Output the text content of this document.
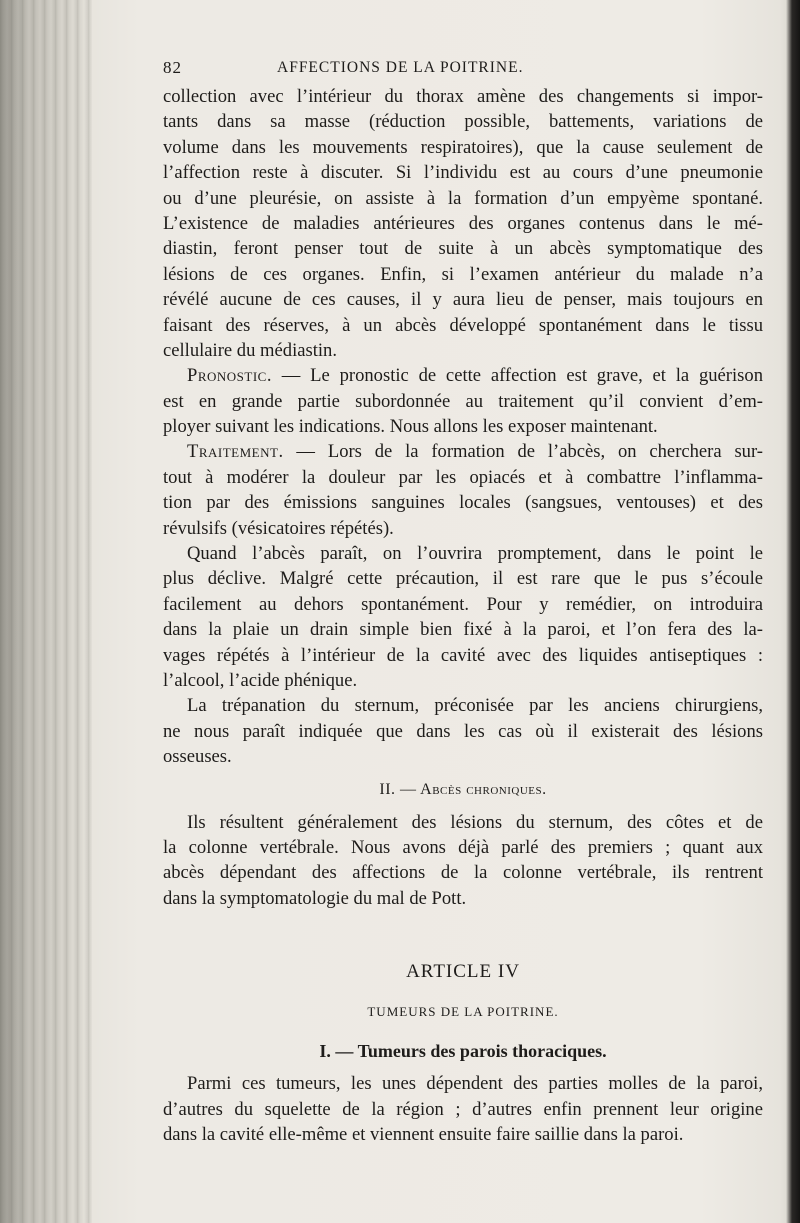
82	AFFECTIONS DE LA POITRINE.
collection avec l’intérieur du thorax amène des changements si impor-
tants dans sa masse (réduction possible, battements, variations de
volume dans les mouvements respiratoires), que la cause seulement de
l’affection reste à discuter. Si l’individu est au cours d’une pneumonie
ou d’une pleurésie, on assiste à la formation d’un empyème spontané.
L’existence de maladies antérieures des organes contenus dans le mé-
diastin, feront penser tout de suite à un abcès symptomatique des
lésions de ces organes. Enfin, si l’examen antérieur du malade n’a
révélé aucune de ces causes, il y aura lieu de penser, mais toujours en
faisant des réserves, à un abcès développé spontanément dans le tissu
cellulaire du médiastin.
Pronostic. — Le pronostic de cette affection est grave, et la guérison
est en grande partie subordonnée au traitement qu’il convient d’em-
ployer suivant les indications. Nous allons les exposer maintenant.
Traitement. — Lors de la formation de l’abcès, on cherchera sur-
tout à modérer la douleur par les opiacés et à combattre l’inflamma-
tion par des émissions sanguines locales (sangsues, ventouses) et des
révulsifs (vésicatoires répétés).
Quand l’abcès paraît, on l’ouvrira promptement, dans le point le
plus déclive. Malgré cette précaution, il est rare que le pus s’écoule
facilement au dehors spontanément. Pour y remédier, on introduira
dans la plaie un drain simple bien fixé à la paroi, et l’on fera des la-
vages répétés à l’intérieur de la cavité avec des liquides antiseptiques :
l’alcool, l’acide phénique.
La trépanation du sternum, préconisée par les anciens chirurgiens,
ne nous paraît indiquée que dans les cas où il existerait des lésions
osseuses.
II. — Abcès chroniques.
Ils résultent généralement des lésions du sternum, des côtes et de
la colonne vertébrale. Nous avons déjà parlé des premiers ; quant aux
abcès dépendant des affections de la colonne vertébrale, ils rentrent
dans la symptomatologie du mal de Pott.
ARTICLE IV
TUMEURS DE LA POITRINE.
I. — Tumeurs des parois thoraciques.
Parmi ces tumeurs, les unes dépendent des parties molles de la paroi,
d’autres du squelette de la région ; d’autres enfin prennent leur origine
dans la cavité elle-même et viennent ensuite faire saillie dans la paroi.
